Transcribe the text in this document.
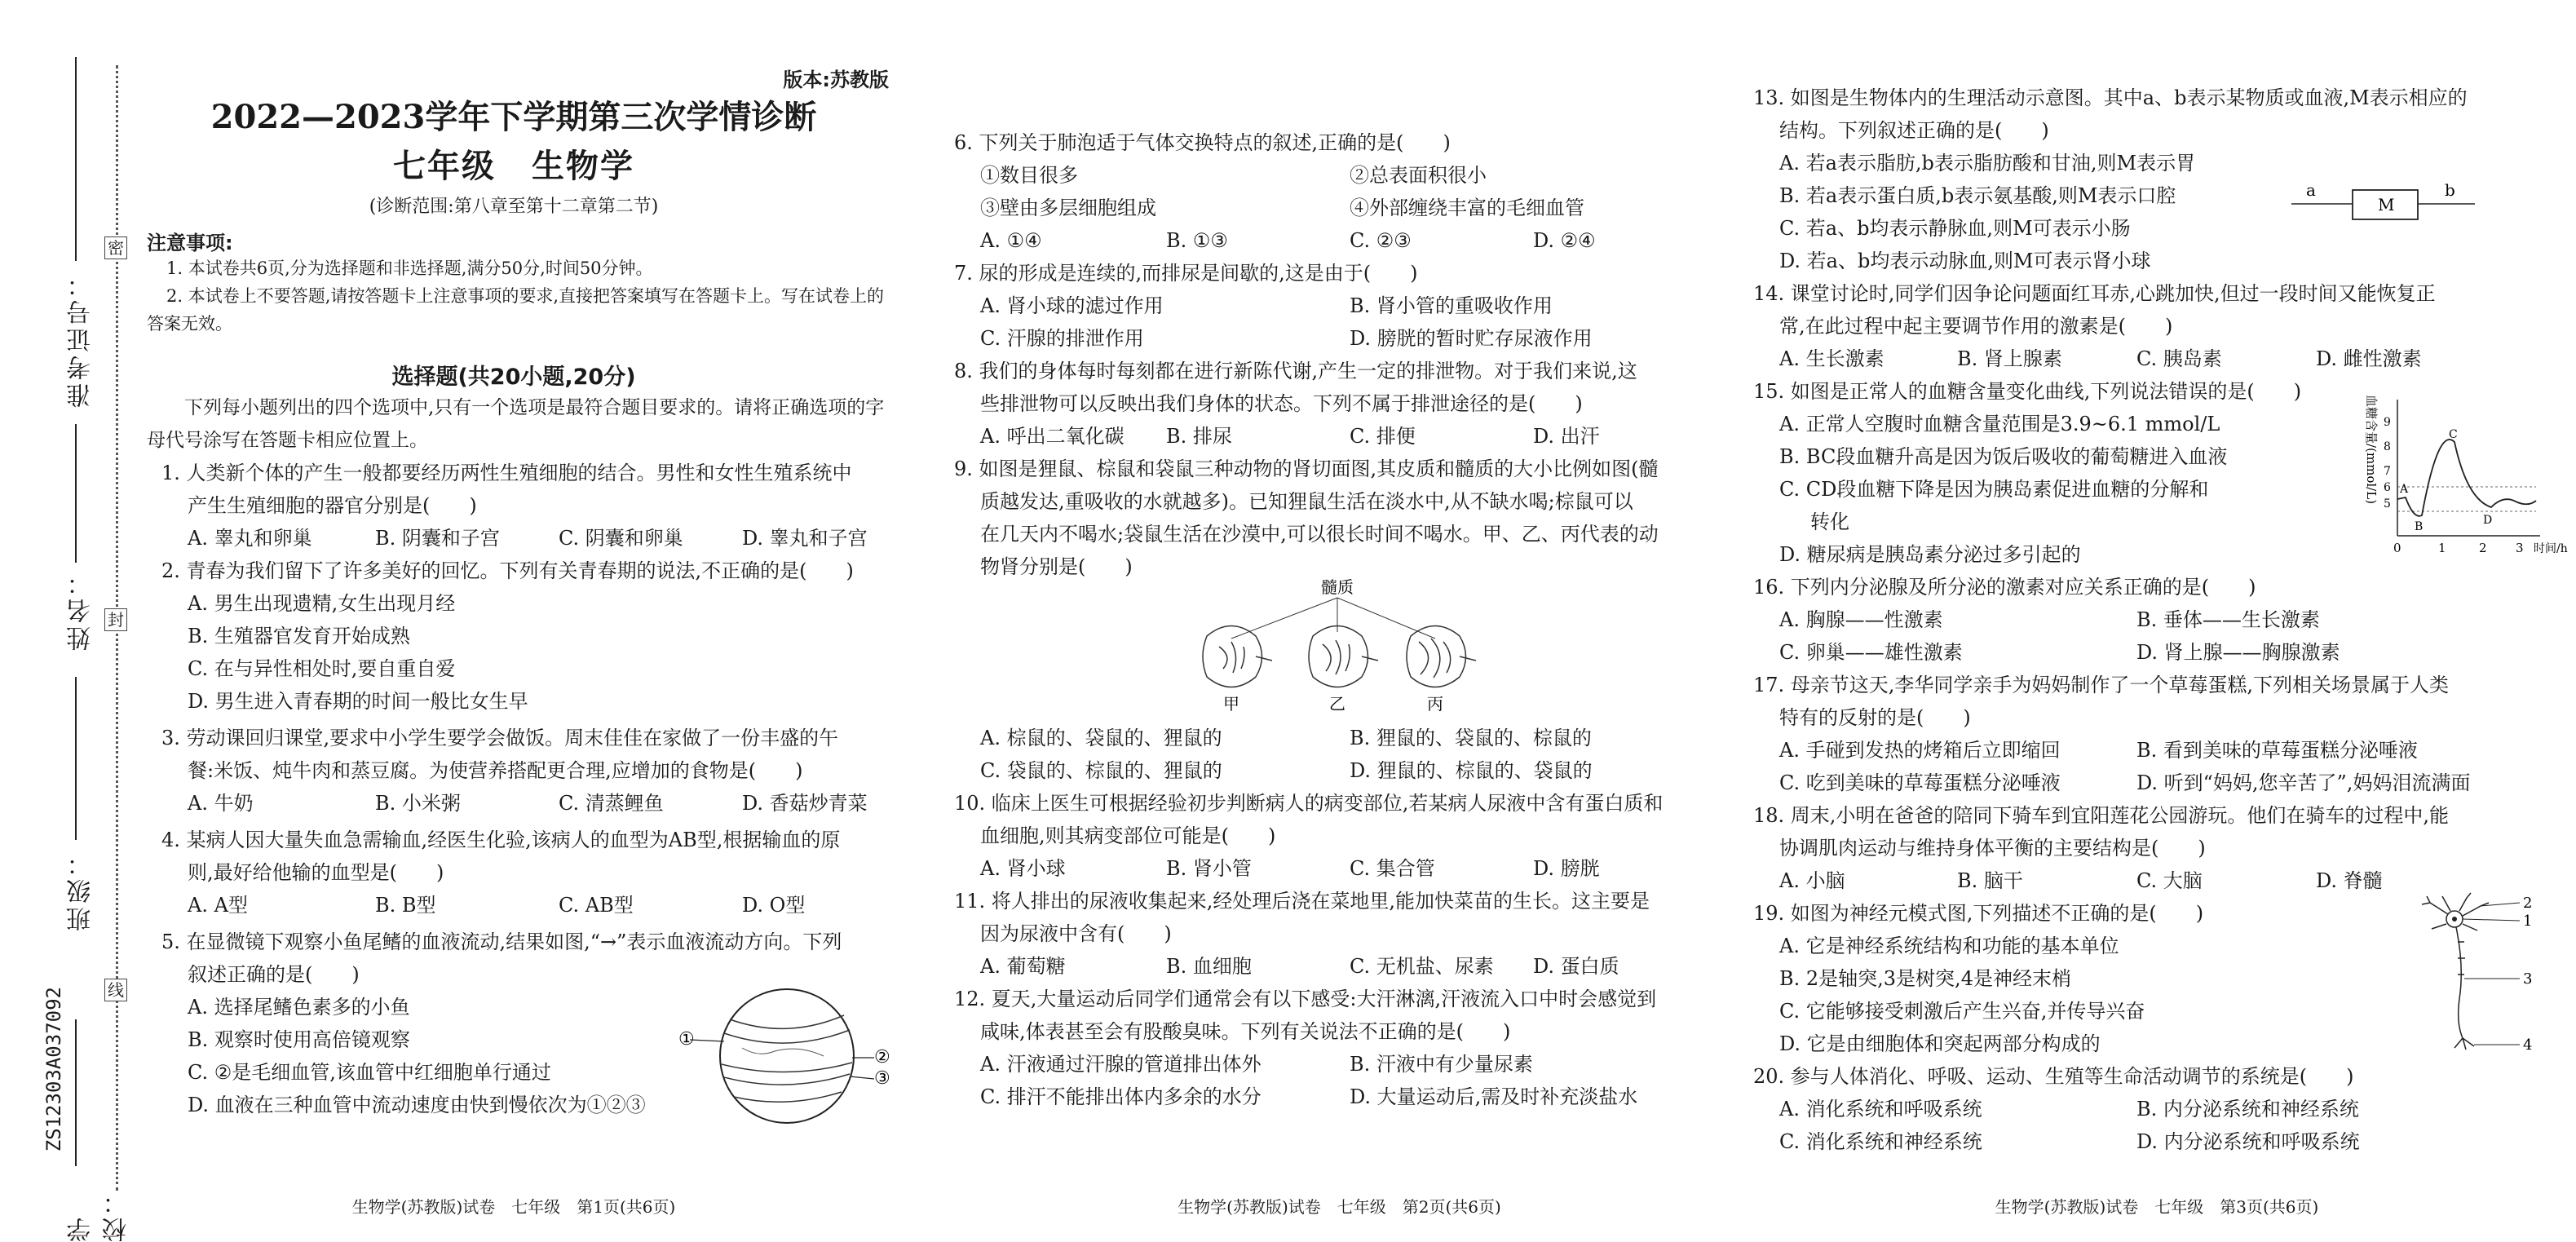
准考证号：
姓名：
班级：
学校：
ZS12303A037092
密
封
线
版本:苏教版
2022—2023学年下学期第三次学情诊断
七年级 生物学
(诊断范围:第八章至第十二章第二节)
注意事项:
1. 本试卷共6页,分为选择题和非选择题,满分50分,时间50分钟。
2. 本试卷上不要答题,请按答题卡上注意事项的要求,直接把答案填写在答题卡上。写在试卷上的答案无效。
选择题(共20小题,20分)
下列每小题列出的四个选项中,只有一个选项是最符合题目要求的。请将正确选项的字母代号涂写在答题卡相应位置上。
1. 人类新个体的产生一般都要经历两性生殖细胞的结合。男性和女性生殖系统中
产生生殖细胞的器官分别是(　　)
A. 睾丸和卵巢	B. 阴囊和子宫	C. 阴囊和卵巢	D. 睾丸和子宫
2. 青春为我们留下了许多美好的回忆。下列有关青春期的说法,不正确的是(　　)
A. 男生出现遗精,女生出现月经
B. 生殖器官发育开始成熟
C. 在与异性相处时,要自重自爱
D. 男生进入青春期的时间一般比女生早
3. 劳动课回归课堂,要求中小学生要学会做饭。周末佳佳在家做了一份丰盛的午
餐:米饭、炖牛肉和蒸豆腐。为使营养搭配更合理,应增加的食物是(　　)
A. 牛奶	B. 小米粥	C. 清蒸鲤鱼	D. 香菇炒青菜
4. 某病人因大量失血急需输血,经医生化验,该病人的血型为AB型,根据输血的原
则,最好给他输的血型是(　　)
A. A型	B. B型	C. AB型	D. O型
5. 在显微镜下观察小鱼尾鳍的血液流动,结果如图,“→”表示血液流动方向。下列
叙述正确的是(　　)
A. 选择尾鳍色素多的小鱼
B. 观察时使用高倍镜观察
C. ②是毛细血管,该血管中红细胞单行通过
D. 血液在三种血管中流动速度由快到慢依次为①②③
①
②
③
生物学(苏教版)试卷　七年级　第1页(共6页)
6. 下列关于肺泡适于气体交换特点的叙述,正确的是(　　)
①数目很多	②总表面积很小
③壁由多层细胞组成	④外部缠绕丰富的毛细血管
A. ①④	B. ①③	C. ②③	D. ②④
7. 尿的形成是连续的,而排尿是间歇的,这是由于(　　)
A. 肾小球的滤过作用	B. 肾小管的重吸收作用
C. 汗腺的排泄作用	D. 膀胱的暂时贮存尿液作用
8. 我们的身体每时每刻都在进行新陈代谢,产生一定的排泄物。对于我们来说,这
些排泄物可以反映出我们身体的状态。下列不属于排泄途径的是(　　)
A. 呼出二氧化碳 B. 排尿	C. 排便	D. 出汗
9. 如图是狸鼠、棕鼠和袋鼠三种动物的肾切面图,其皮质和髓质的大小比例如图(髓
质越发达,重吸收的水就越多)。已知狸鼠生活在淡水中,从不缺水喝;棕鼠可以
在几天内不喝水;袋鼠生活在沙漠中,可以很长时间不喝水。甲、乙、丙代表的动
物肾分别是(　　)
髓质
甲	乙	丙
A. 棕鼠的、袋鼠的、狸鼠的	B. 狸鼠的、袋鼠的、棕鼠的
C. 袋鼠的、棕鼠的、狸鼠的	D. 狸鼠的、棕鼠的、袋鼠的
10. 临床上医生可根据经验初步判断病人的病变部位,若某病人尿液中含有蛋白质和
血细胞,则其病变部位可能是(　　)
A. 肾小球	B. 肾小管	C. 集合管	D. 膀胱
11. 将人排出的尿液收集起来,经处理后浇在菜地里,能加快菜苗的生长。这主要是
因为尿液中含有(　　)
A. 葡萄糖	B. 血细胞	C. 无机盐、尿素 D. 蛋白质
12. 夏天,大量运动后同学们通常会有以下感受:大汗淋漓,汗液流入口中时会感觉到
咸味,体表甚至会有股酸臭味。下列有关说法不正确的是(　　)
A. 汗液通过汗腺的管道排出体外	B. 汗液中有少量尿素
C. 排汗不能排出体内多余的水分	D. 大量运动后,需及时补充淡盐水
生物学(苏教版)试卷　七年级　第2页(共6页)
13. 如图是生物体内的生理活动示意图。其中a、b表示某物质或血液,M表示相应的
结构。下列叙述正确的是(　　)
A. 若a表示脂肪,b表示脂肪酸和甘油,则M表示胃
B. 若a表示蛋白质,b表示氨基酸,则M表示口腔
C. 若a、b均表示静脉血,则M可表示小肠
D. 若a、b均表示动脉血,则M可表示肾小球
a
M
b
14. 课堂讨论时,同学们因争论问题面红耳赤,心跳加快,但过一段时间又能恢复正
常,在此过程中起主要调节作用的激素是(　　)
A. 生长激素	B. 肾上腺素	C. 胰岛素	D. 雌性激素
15. 如图是正常人的血糖含量变化曲线,下列说法错误的是(　　)
A. 正常人空腹时血糖含量范围是3.9~6.1 mmol/L
B. BC段血糖升高是因为饭后吸收的葡萄糖进入血液
C. CD段血糖下降是因为胰岛素促进血糖的分解和
转化
D. 糖尿病是胰岛素分泌过多引起的
血糖含量/(mmol/L) 9
8
7
6
5
A
B
C
D
0	1	2 3 时间/h
16. 下列内分泌腺及所分泌的激素对应关系正确的是(　　)
A. 胸腺——性激素	B. 垂体——生长激素
C. 卵巢——雄性激素	D. 肾上腺——胸腺激素
17. 母亲节这天,李华同学亲手为妈妈制作了一个草莓蛋糕,下列相关场景属于人类
特有的反射的是(　　)
A. 手碰到发热的烤箱后立即缩回	B. 看到美味的草莓蛋糕分泌唾液
C. 吃到美味的草莓蛋糕分泌唾液	D. 听到“妈妈,您辛苦了”,妈妈泪流满面
18. 周末,小明在爸爸的陪同下骑车到宜阳莲花公园游玩。他们在骑车的过程中,能
协调肌肉运动与维持身体平衡的主要结构是(　　)
A. 小脑	B. 脑干	C. 大脑	D. 脊髓
19. 如图为神经元模式图,下列描述不正确的是(　　)
A. 它是神经系统结构和功能的基本单位
B. 2是轴突,3是树突,4是神经末梢
C. 它能够接受刺激后产生兴奋,并传导兴奋
D. 它是由细胞体和突起两部分构成的
2
1
3
4
20. 参与人体消化、呼吸、运动、生殖等生命活动调节的系统是(　　)
A. 消化系统和呼吸系统	B. 内分泌系统和神经系统
C. 消化系统和神经系统	D. 内分泌系统和呼吸系统
生物学(苏教版)试卷　七年级　第3页(共6页)
